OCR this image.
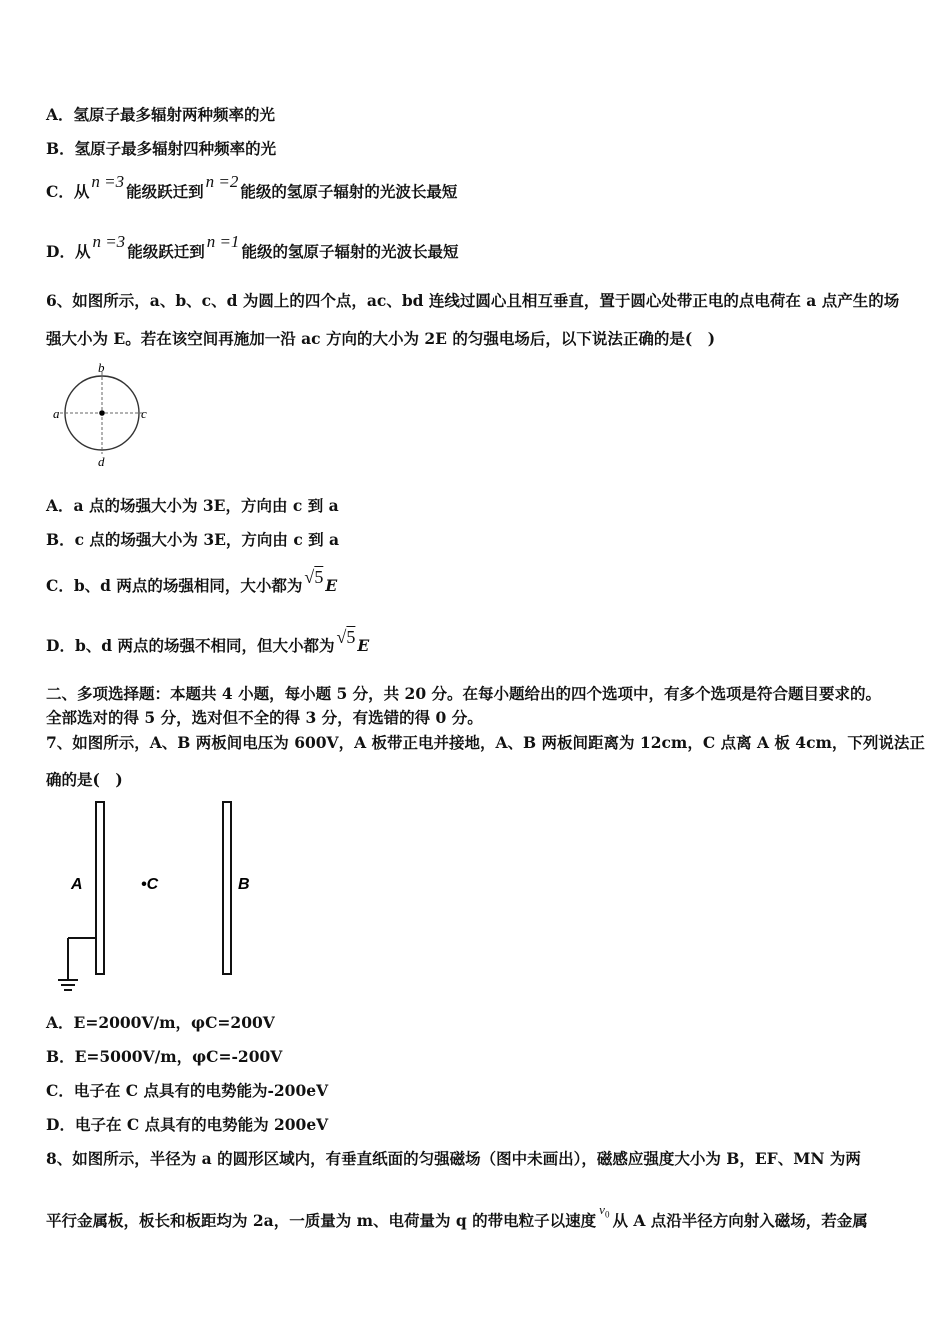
A．氢原子最多辐射两种频率的光
B．氢原子最多辐射四种频率的光
C．从n =3能级跃迁到n =2能级的氢原子辐射的光波长最短
D．从n =3能级跃迁到n =1能级的氢原子辐射的光波长最短
6、如图所示，a、b、c、d 为圆上的四个点，ac、bd 连线过圆心且相互垂直，置于圆心处带正电的点电荷在 a 点产生的场
强大小为 E。若在该空间再施加一沿 ac 方向的大小为 2E 的匀强电场后，以下说法正确的是(　)
a
b
c
d
A．a 点的场强大小为 3E，方向由 c 到 a
B．c 点的场强大小为 3E，方向由 c 到 a
C．b、d 两点的场强相同，大小都为 √5 E
D．b、d 两点的场强不相同，但大小都为 √5 E
二、多项选择题：本题共 4 小题，每小题 5 分，共 20 分。在每小题给出的四个选项中，有多个选项是符合题目要求的。
全部选对的得 5 分，选对但不全的得 3 分，有选错的得 0 分。
7、如图所示，A、B 两板间电压为 600V，A 板带正电并接地，A、B 两板间距离为 12cm，C 点离 A 板 4cm，下列说法正
确的是(　)
A	•C	B
A．E=2000V/m，φC=200V
B．E=5000V/m，φC=-200V
C．电子在 C 点具有的电势能为-200eV
D．电子在 C 点具有的电势能为 200eV
8、如图所示，半径为 a 的圆形区域内，有垂直纸面的匀强磁场（图中未画出），磁感应强度大小为 B，EF、MN 为两
平行金属板，板长和板距均为 2a，一质量为 m、电荷量为 q 的带电粒子以速度$v_0$ 从 A 点沿半径方向射入磁场，若金属
